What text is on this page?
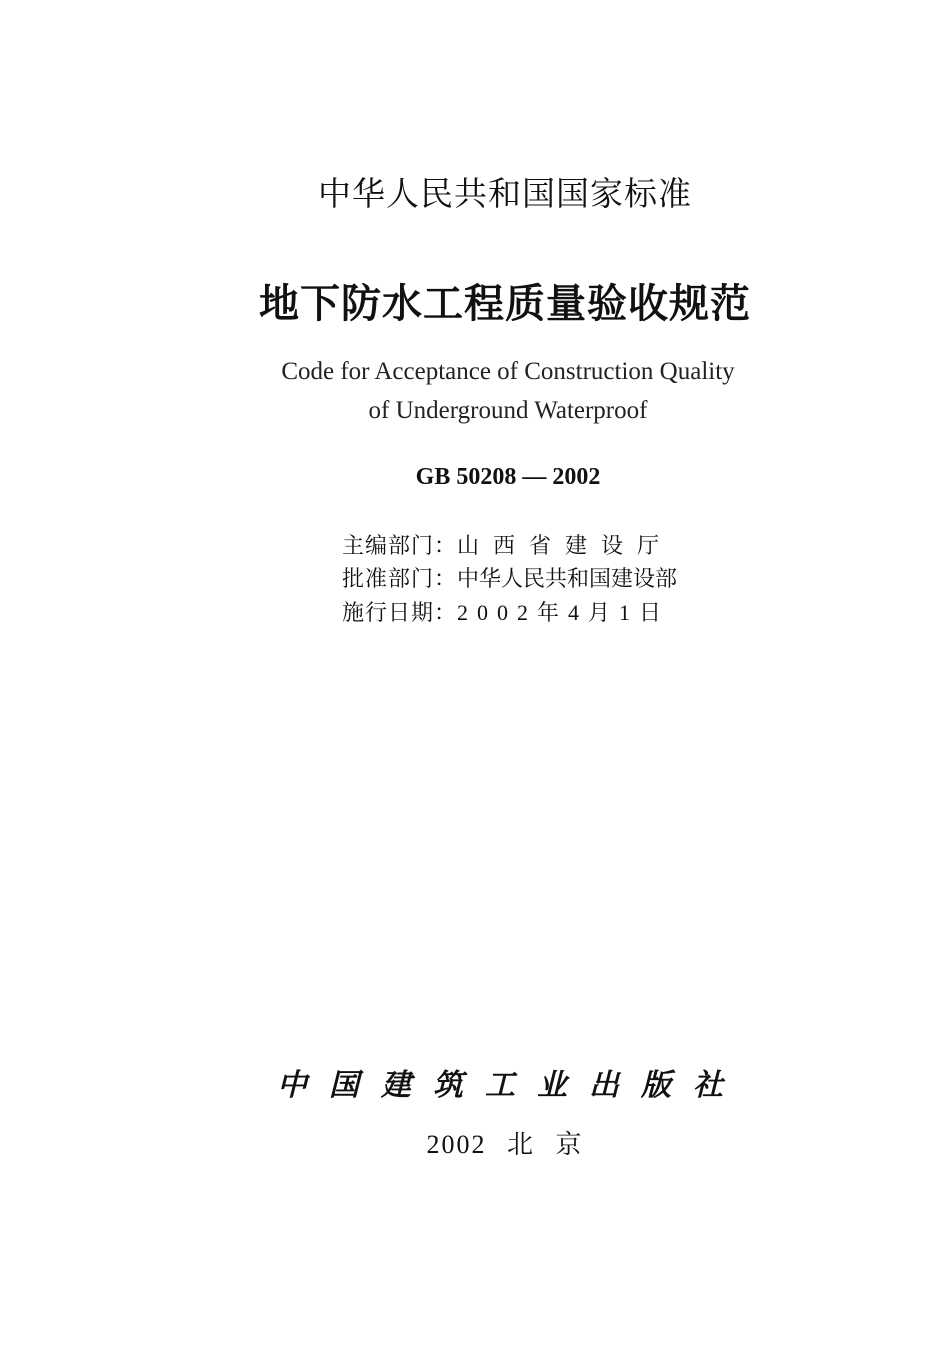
中华人民共和国国家标准
地下防水工程质量验收规范
Code for Acceptance of Construction Quality
of Underground Waterproof
GB 50208 — 2002
主编部门：山西省建设厅
批准部门：中华人民共和国建设部
施行日期：2002年4月1日
中国建筑工业出版社
2002 北 京
